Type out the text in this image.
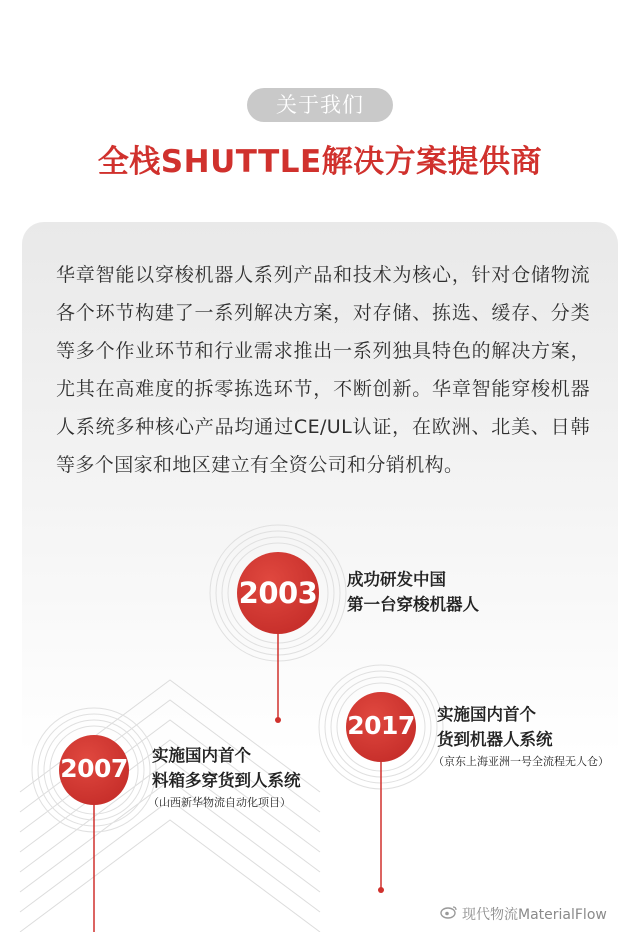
关于我们
全栈SHUTTLE解决方案提供商
华章智能以穿梭机器人系列产品和技术为核心，针对仓储物流各个环节构建了一系列解决方案，对存储、拣选、缓存、分类等多个作业环节和行业需求推出一系列独具特色的解决方案，尤其在高难度的拆零拣选环节，不断创新。华章智能穿梭机器人系统多种核心产品均通过CE/UL认证，在欧洲、北美、日韩等多个国家和地区建立有全资公司和分销机构。
2003 成功研发中国
第一台穿梭机器人
2017 实施国内首个
货到机器人系统
（京东上海亚洲一号全流程无人仓）
2007 实施国内首个
料箱多穿货到人系统
（山西新华物流自动化项目）
现代物流MaterialFlow
